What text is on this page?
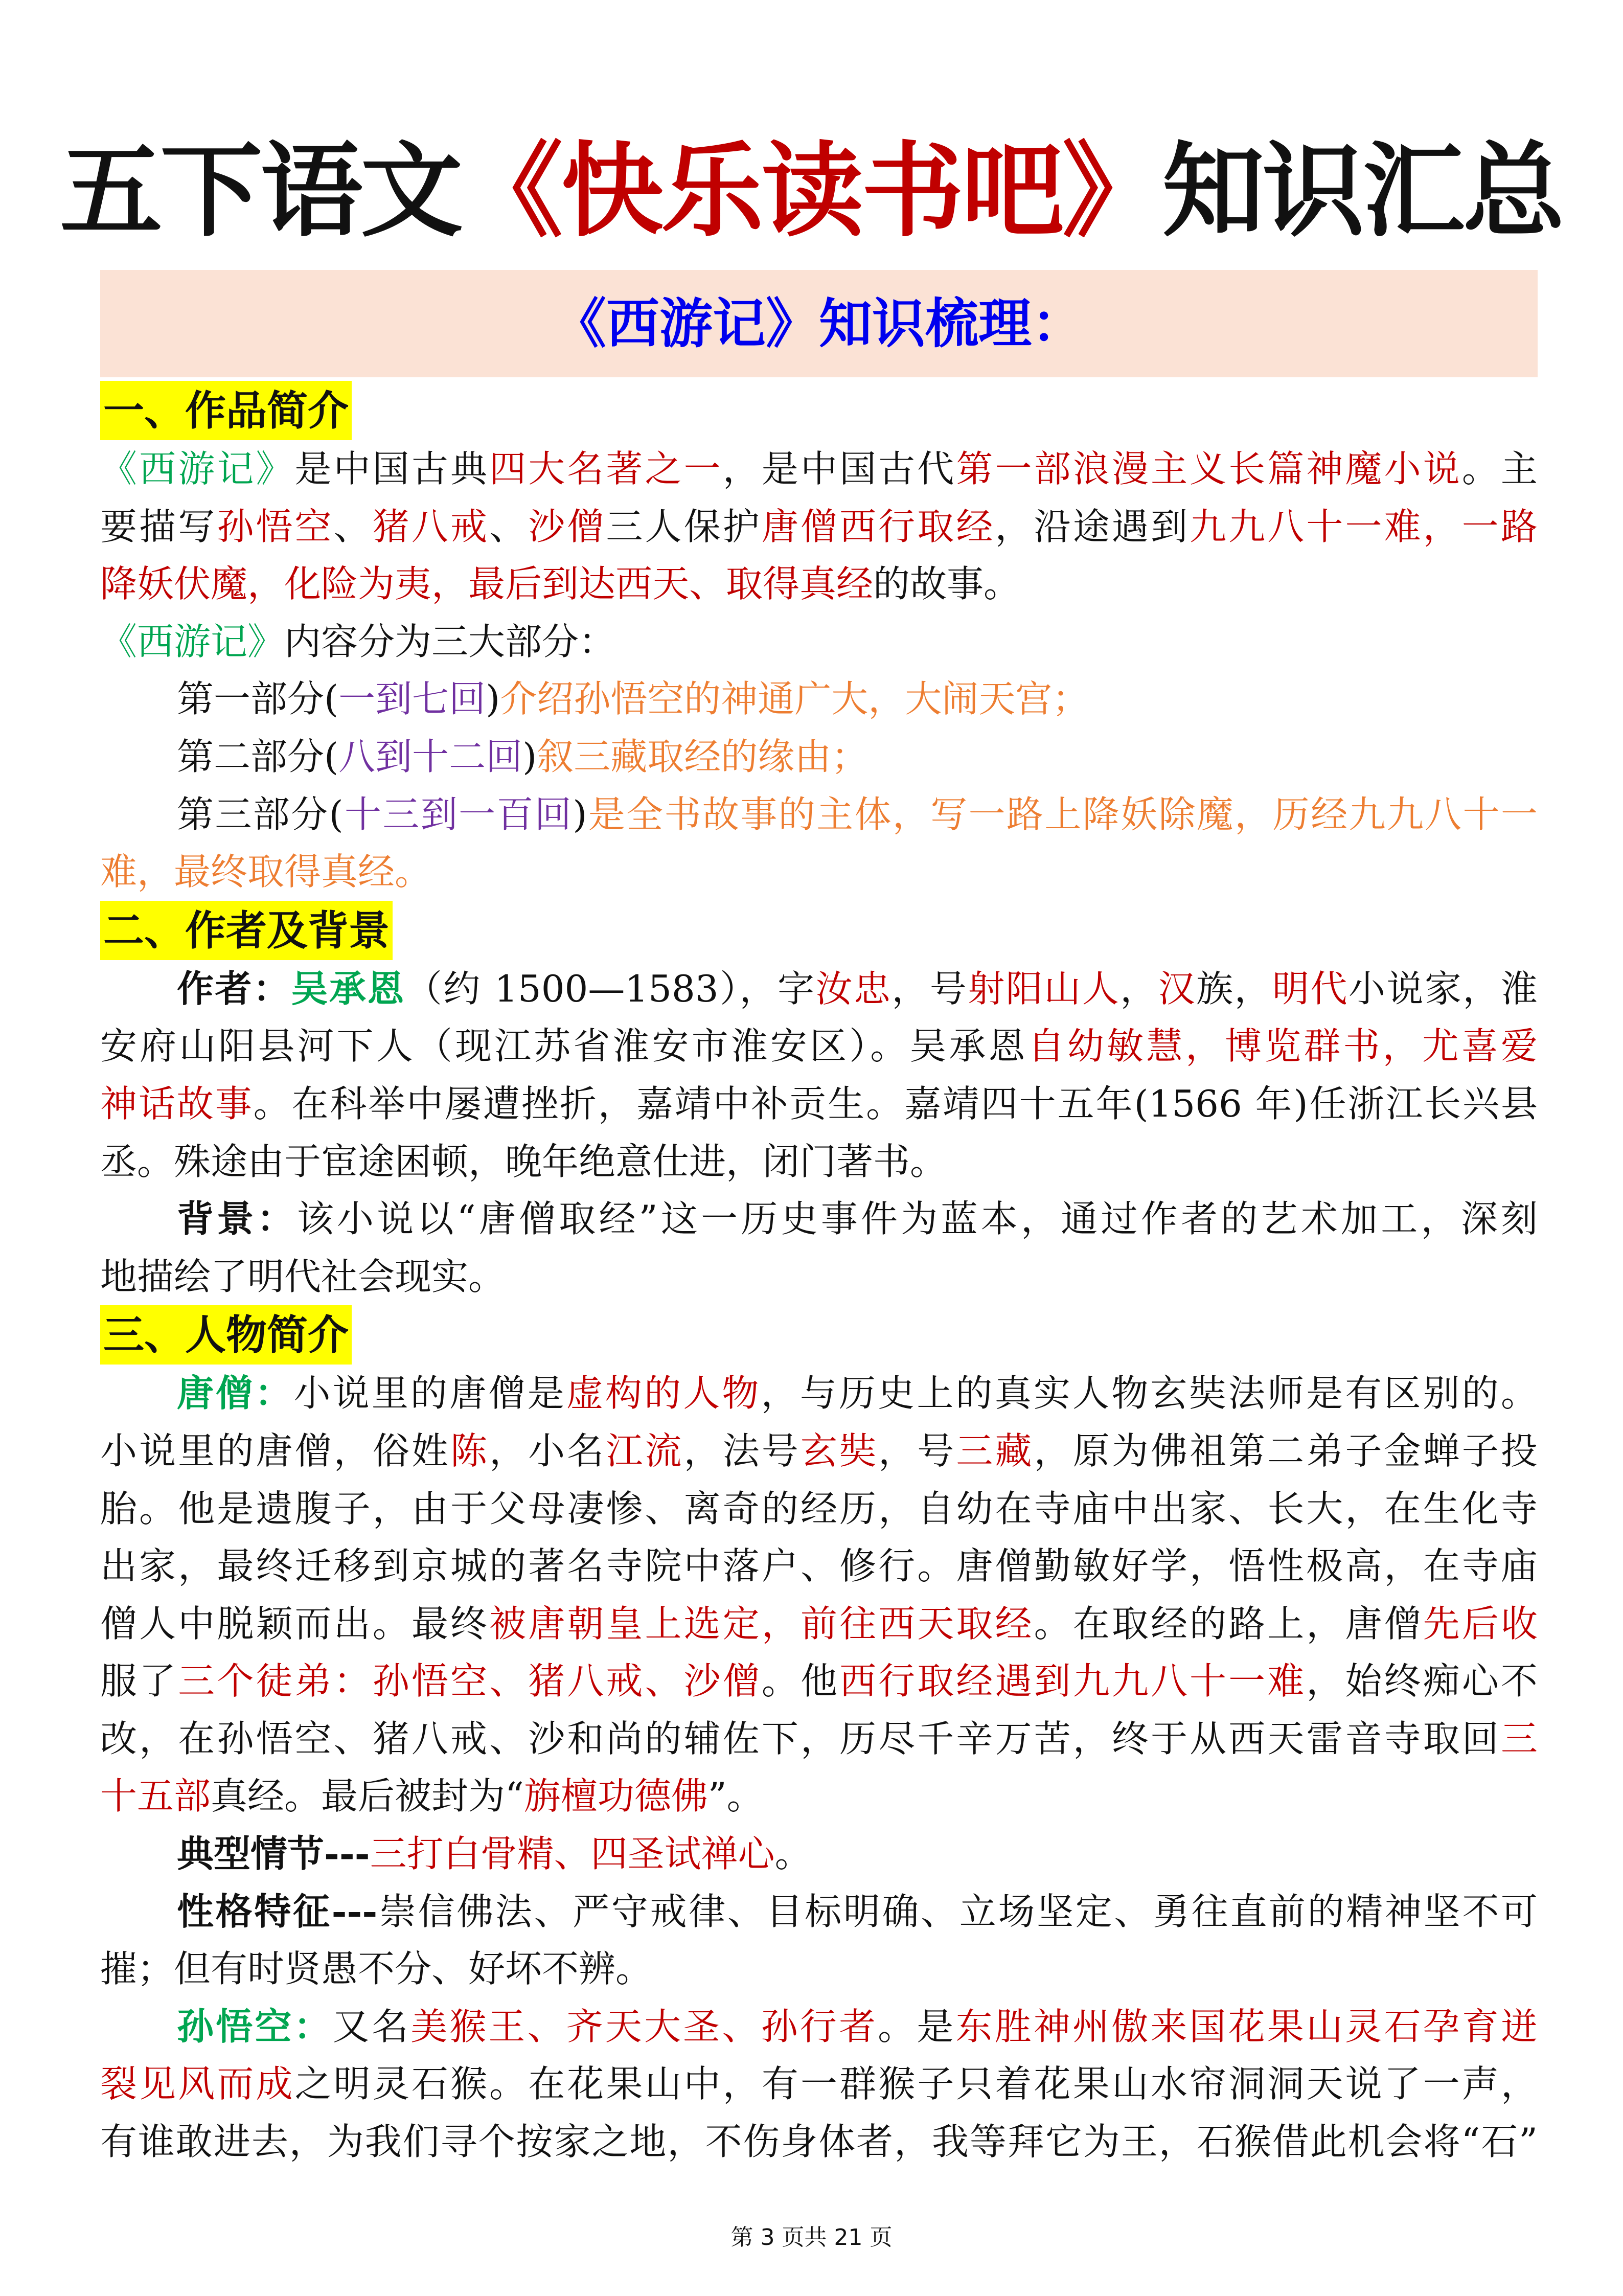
五下语文《快乐读书吧》知识汇总
《西游记》知识梳理：
一、作品简介
《西游记》是中国古典四大名著之一，是中国古代第一部浪漫主义长篇神魔小说。主
要描写孙悟空、猪八戒、沙僧三人保护唐僧西行取经，沿途遇到九九八十一难，一路
降妖伏魔，化险为夷，最后到达西天、取得真经的故事。
《西游记》内容分为三大部分：
第一部分(一到七回)介绍孙悟空的神通广大，大闹天宫；
第二部分(八到十二回)叙三藏取经的缘由；
第三部分(十三到一百回)是全书故事的主体，写一路上降妖除魔，历经九九八十一
难，最终取得真经。
二、作者及背景
作者：吴承恩（约 1500—1583），字汝忠，号射阳山人，汉族，明代小说家，淮
安府山阳县河下人（现江苏省淮安市淮安区）。吴承恩自幼敏慧，博览群书，尤喜爱
神话故事。在科举中屡遭挫折，嘉靖中补贡生。嘉靖四十五年(1566 年)任浙江长兴县
丞。殊途由于宦途困顿，晚年绝意仕进，闭门著书。
背景：该小说以“唐僧取经”这一历史事件为蓝本，通过作者的艺术加工，深刻
地描绘了明代社会现实。
三、人物简介
唐僧：小说里的唐僧是虚构的人物，与历史上的真实人物玄奘法师是有区别的。
小说里的唐僧，俗姓陈，小名江流，法号玄奘，号三藏，原为佛祖第二弟子金蝉子投
胎。他是遗腹子，由于父母凄惨、离奇的经历，自幼在寺庙中出家、长大，在生化寺
出家，最终迁移到京城的著名寺院中落户、修行。唐僧勤敏好学，悟性极高，在寺庙
僧人中脱颖而出。最终被唐朝皇上选定，前往西天取经。在取经的路上，唐僧先后收
服了三个徒弟：孙悟空、猪八戒、沙僧。他西行取经遇到九九八十一难，始终痴心不
改，在孙悟空、猪八戒、沙和尚的辅佐下，历尽千辛万苦，终于从西天雷音寺取回三
十五部真经。最后被封为“旃檀功德佛”。
典型情节---三打白骨精、四圣试禅心。
性格特征---崇信佛法、严守戒律、目标明确、立场坚定、勇往直前的精神坚不可
摧；但有时贤愚不分、好坏不辨。
孙悟空：又名美猴王、齐天大圣、孙行者。是东胜神州傲来国花果山灵石孕育迸
裂见风而成之明灵石猴。在花果山中，有一群猴子只着花果山水帘洞洞天说了一声，
有谁敢进去，为我们寻个按家之地，不伤身体者，我等拜它为王，石猴借此机会将“石”
第 3 页共 21 页
